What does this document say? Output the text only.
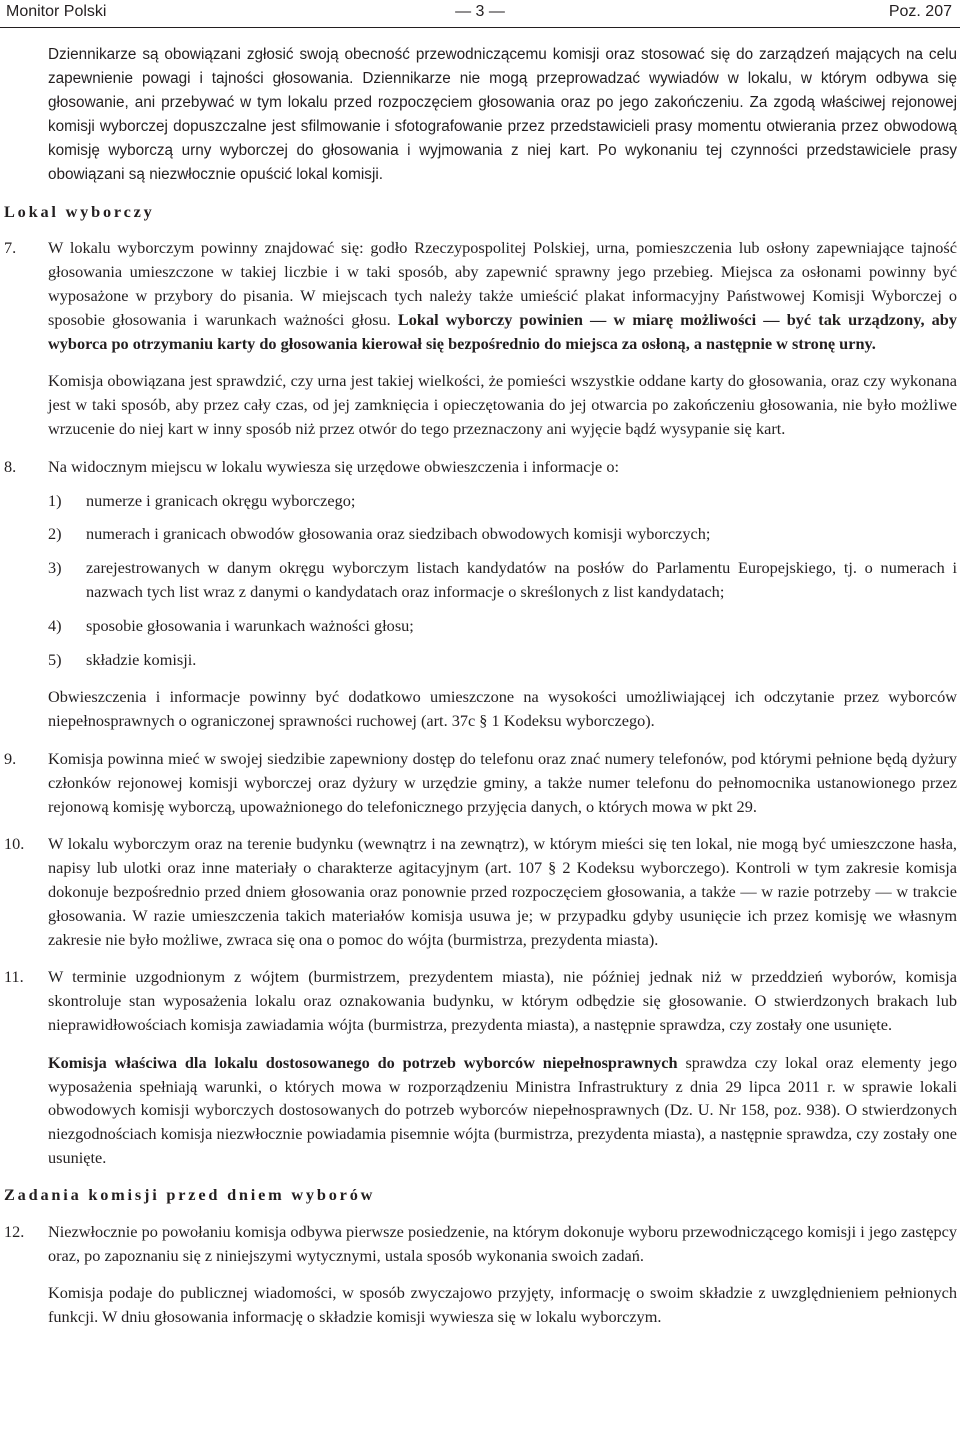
Monitor Polski	— 3 —	Poz. 207

Dziennikarze są obowiązani zgłosić swoją obecność przewodniczącemu komisji oraz stosować się do zarządzeń mających na celu zapewnienie powagi i tajności głosowania. Dziennikarze nie mogą przeprowadzać wywiadów w lokalu, w którym odbywa się głosowanie, ani przebywać w tym lokalu przed rozpoczęciem głosowania oraz po jego zakończeniu. Za zgodą właściwej rejonowej komisji wyborczej dopuszczalne jest sfilmowanie i sfotografowanie przez przedstawicieli prasy momentu otwierania przez obwodową komisję wyborczą urny wyborczej do głosowania i wyjmowania z niej kart. Po wykonaniu tej czynności przedstawiciele prasy obowiązani są niezwłocznie opuścić lokal komisji.

Lokal wyborczy
7. W lokalu wyborczym powinny znajdować się: godło Rzeczypospolitej Polskiej, urna, pomieszczenia lub osłony zapewniające tajność głosowania umieszczone w takiej liczbie i w taki sposób, aby zapewnić sprawny jego przebieg. Miejsca za osłonami powinny być wyposażone w przybory do pisania. W miejscach tych należy także umieścić plakat informacyjny Państwowej Komisji Wyborczej o sposobie głosowania i warunkach ważności głosu. Lokal wyborczy powinien — w miarę możliwości — być tak urządzony, aby wyborca po otrzymaniu karty do głosowania kierował się bezpośrednio do miejsca za osłoną, a następnie w stronę urny.

Komisja obowiązana jest sprawdzić, czy urna jest takiej wielkości, że pomieści wszystkie oddane karty do głosowania, oraz czy wykonana jest w taki sposób, aby przez cały czas, od jej zamknięcia i opieczętowania do jej otwarcia po zakończeniu głosowania, nie było możliwe wrzucenie do niej kart w inny sposób niż przez otwór do tego przeznaczony ani wyjęcie bądź wysypanie się kart.

8. Na widocznym miejscu w lokalu wywiesza się urzędowe obwieszczenia i informacje o:

1) numerze i granicach okręgu wyborczego;
2) numerach i granicach obwodów głosowania oraz siedzibach obwodowych komisji wyborczych;
3) zarejestrowanych w danym okręgu wyborczym listach kandydatów na posłów do Parlamentu Europejskiego, tj. o numerach i nazwach tych list wraz z danymi o kandydatach oraz informacje o skreślonych z list kandydatach;
4) sposobie głosowania i warunkach ważności głosu;
5) składzie komisji.

Obwieszczenia i informacje powinny być dodatkowo umieszczone na wysokości umożliwiającej ich odczytanie przez wyborców niepełnosprawnych o ograniczonej sprawności ruchowej (art. 37c § 1 Kodeksu wyborczego).

9. Komisja powinna mieć w swojej siedzibie zapewniony dostęp do telefonu oraz znać numery telefonów, pod którymi pełnione będą dyżury członków rejonowej komisji wyborczej oraz dyżury w urzędzie gminy, a także numer telefonu do pełnomocnika ustanowionego przez rejonową komisję wyborczą, upoważnionego do telefonicznego przyjęcia danych, o których mowa w pkt 29.

10. W lokalu wyborczym oraz na terenie budynku (wewnątrz i na zewnątrz), w którym mieści się ten lokal, nie mogą być umieszczone hasła, napisy lub ulotki oraz inne materiały o charakterze agitacyjnym (art. 107 § 2 Kodeksu wyborczego). Kontroli w tym zakresie komisja dokonuje bezpośrednio przed dniem głosowania oraz ponownie przed rozpoczęciem głosowania, a także — w razie potrzeby — w trakcie głosowania. W razie umieszczenia takich materiałów komisja usuwa je; w przypadku gdyby usunięcie ich przez komisję we własnym zakresie nie było możliwe, zwraca się ona o pomoc do wójta (burmistrza, prezydenta miasta).

11. W terminie uzgodnionym z wójtem (burmistrzem, prezydentem miasta), nie później jednak niż w przeddzień wyborów, komisja skontroluje stan wyposażenia lokalu oraz oznakowania budynku, w którym odbędzie się głosowanie. O stwierdzonych brakach lub nieprawidłowościach komisja zawiadamia wójta (burmistrza, prezydenta miasta), a następnie sprawdza, czy zostały one usunięte.

Komisja właściwa dla lokalu dostosowanego do potrzeb wyborców niepełnosprawnych sprawdza czy lokal oraz elementy jego wyposażenia spełniają warunki, o których mowa w rozporządzeniu Ministra Infrastruktury z dnia 29 lipca 2011 r. w sprawie lokali obwodowych komisji wyborczych dostosowanych do potrzeb wyborców niepełnosprawnych (Dz. U. Nr 158, poz. 938). O stwierdzonych niezgodnościach komisja niezwłocznie powiadamia pisemnie wójta (burmistrza, prezydenta miasta), a następnie sprawdza, czy zostały one usunięte.

Zadania komisji przed dniem wyborów
12. Niezwłocznie po powołaniu komisja odbywa pierwsze posiedzenie, na którym dokonuje wyboru przewodniczącego komisji i jego zastępcy oraz, po zapoznaniu się z niniejszymi wytycznymi, ustala sposób wykonania swoich zadań.

Komisja podaje do publicznej wiadomości, w sposób zwyczajowo przyjęty, informację o swoim składzie z uwzględnieniem pełnionych funkcji. W dniu głosowania informację o składzie komisji wywiesza się w lokalu wyborczym.
